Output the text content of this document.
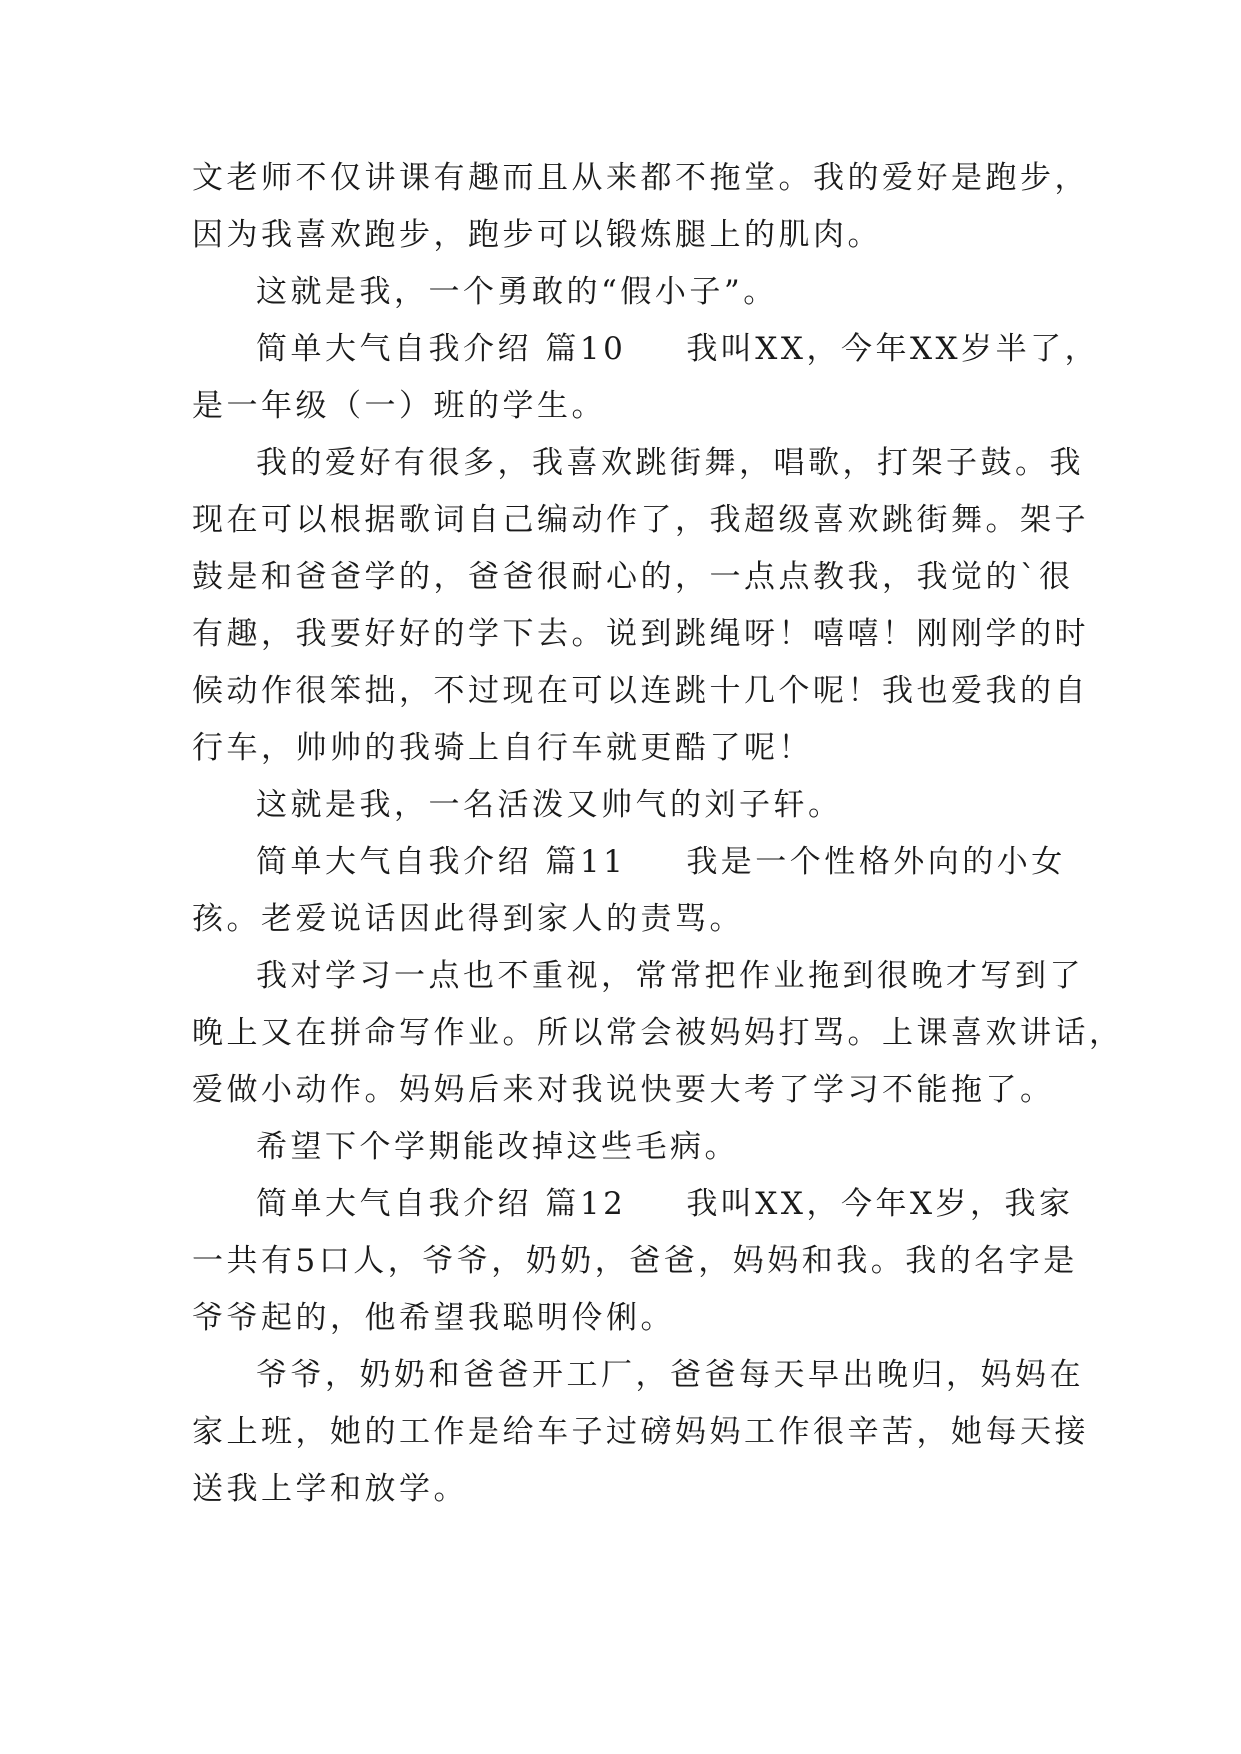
文老师不仅讲课有趣而且从来都不拖堂。我的爱好是跑步，
因为我喜欢跑步，跑步可以锻炼腿上的肌肉。
这就是我，一个勇敢的“假小子”。
简单大气自我介绍 篇10 我叫XX，今年XX岁半了，
是一年级（一）班的学生。
我的爱好有很多，我喜欢跳街舞，唱歌，打架子鼓。我
现在可以根据歌词自己编动作了，我超级喜欢跳街舞。架子
鼓是和爸爸学的，爸爸很耐心的，一点点教我，我觉的`很
有趣，我要好好的学下去。说到跳绳呀！嘻嘻！刚刚学的时
候动作很笨拙，不过现在可以连跳十几个呢！我也爱我的自
行车，帅帅的我骑上自行车就更酷了呢！
这就是我，一名活泼又帅气的刘子轩。
简单大气自我介绍 篇11 我是一个性格外向的小女
孩。老爱说话因此得到家人的责骂。
我对学习一点也不重视，常常把作业拖到很晚才写到了
晚上又在拼命写作业。所以常会被妈妈打骂。上课喜欢讲话，
爱做小动作。妈妈后来对我说快要大考了学习不能拖了。
希望下个学期能改掉这些毛病。
简单大气自我介绍 篇12 我叫XX，今年X岁，我家
一共有5口人，爷爷，奶奶，爸爸，妈妈和我。我的名字是
爷爷起的，他希望我聪明伶俐。
爷爷，奶奶和爸爸开工厂，爸爸每天早出晚归，妈妈在
家上班，她的工作是给车子过磅妈妈工作很辛苦，她每天接
送我上学和放学。
